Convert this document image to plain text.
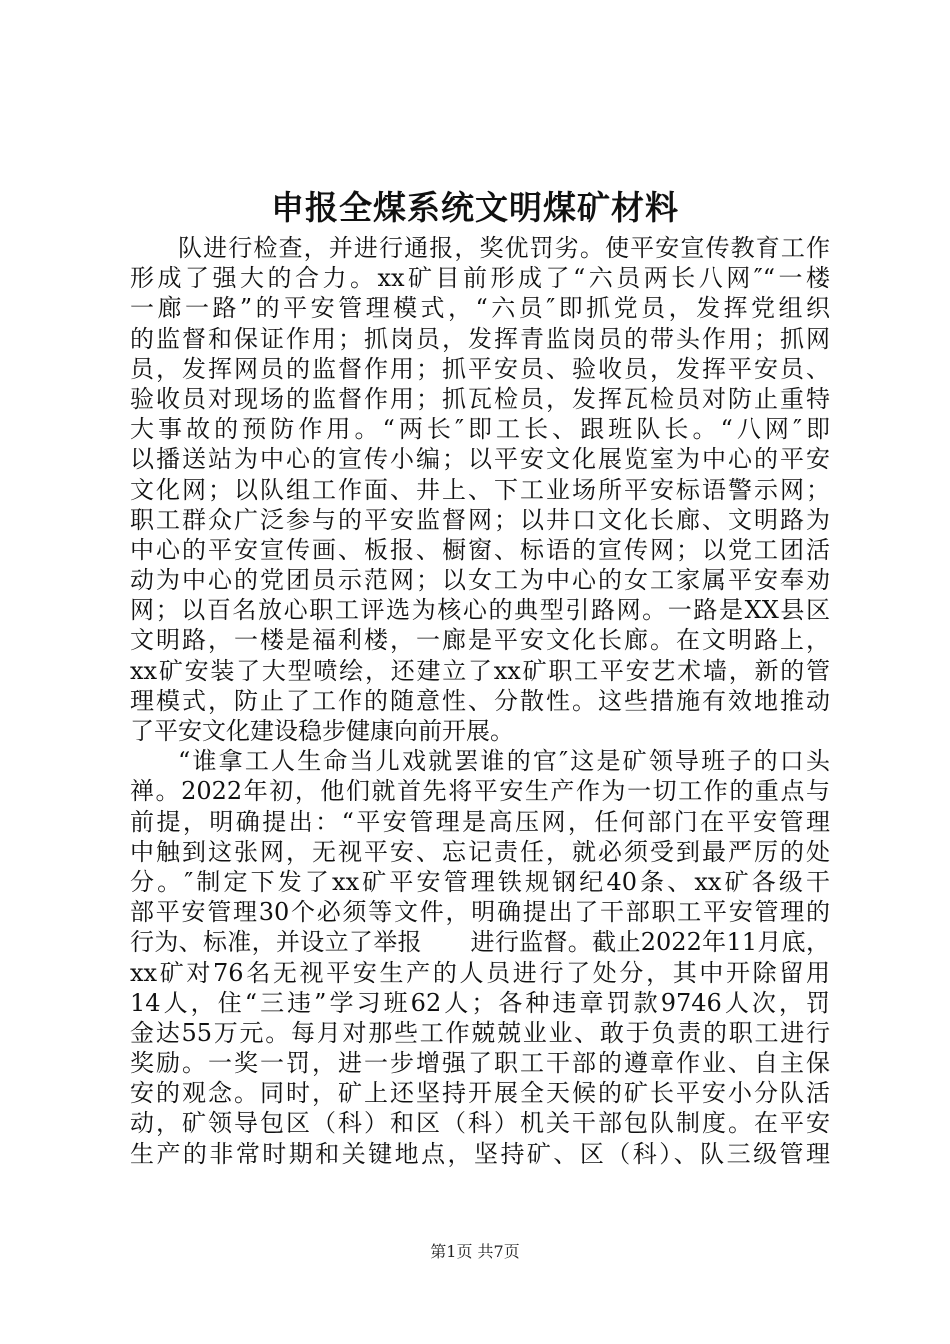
申报全煤系统文明煤矿材料
队进行检查，并进行通报，奖优罚劣。使平安宣传教育工作
形成了强大的合力。xx矿目前形成了“六员两长八网″“一楼
一廊一路”的平安管理模式，“六员″即抓党员，发挥党组织
的监督和保证作用；抓岗员，发挥青监岗员的带头作用；抓网
员，发挥网员的监督作用；抓平安员、验收员，发挥平安员、
验收员对现场的监督作用；抓瓦检员，发挥瓦检员对防止重特
大事故的预防作用。“两长″即工长、跟班队长。“八网″即
以播送站为中心的宣传小编；以平安文化展览室为中心的平安
文化网；以队组工作面、井上、下工业场所平安标语警示网；
职工群众广泛参与的平安监督网；以井口文化长廊、文明路为
中心的平安宣传画、板报、橱窗、标语的宣传网；以党工团活
动为中心的党团员示范网；以女工为中心的女工家属平安奉劝
网；以百名放心职工评选为核心的典型引路网。一路是XX县区
文明路，一楼是福利楼，一廊是平安文化长廊。在文明路上，
xx矿安装了大型喷绘，还建立了xx矿职工平安艺术墙，新的管
理模式，防止了工作的随意性、分散性。这些措施有效地推动
了平安文化建设稳步健康向前开展。
“谁拿工人生命当儿戏就罢谁的官″这是矿领导班子的口头
禅。2022年初，他们就首先将平安生产作为一切工作的重点与
前提，明确提出：“平安管理是高压网，任何部门在平安管理
中触到这张网，无视平安、忘记责任，就必须受到最严厉的处
分。″制定下发了xx矿平安管理铁规钢纪40条、xx矿各级干
部平安管理30个必须等文件，明确提出了干部职工平安管理的
行为、标准，并设立了举报　　进行监督。截止2022年11月底，
xx矿对76名无视平安生产的人员进行了处分，其中开除留用
14人，住“三违”学习班62人；各种违章罚款9746人次，罚
金达55万元。每月对那些工作兢兢业业、敢于负责的职工进行
奖励。一奖一罚，进一步增强了职工干部的遵章作业、自主保
安的观念。同时，矿上还坚持开展全天候的矿长平安小分队活
动，矿领导包区（科）和区（科）机关干部包队制度。在平安
生产的非常时期和关键地点，坚持矿、区（科）、队三级管理
第1页 共7页
